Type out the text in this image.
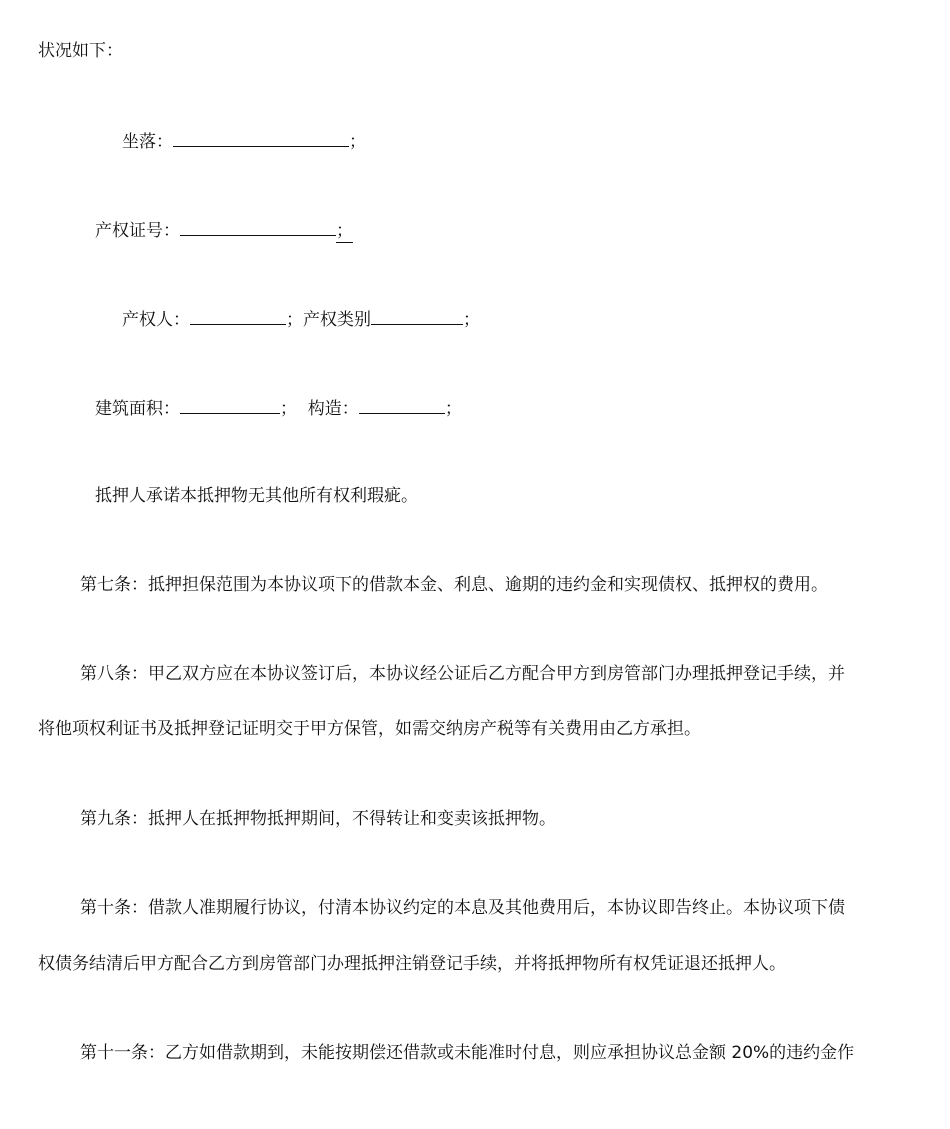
状况如下：
坐落：	；
产权证号：	；
产权人：	；产权类别	；
建筑面积：	；  构造：	；
抵押人承诺本抵押物无其他所有权利瑕疵。
第七条：抵押担保范围为本协议项下的借款本金、利息、逾期的违约金和实现债权、抵押权的费用。
第八条：甲乙双方应在本协议签订后，本协议经公证后乙方配合甲方到房管部门办理抵押登记手续，并
将他项权利证书及抵押登记证明交于甲方保管，如需交纳房产税等有关费用由乙方承担。
第九条：抵押人在抵押物抵押期间，不得转让和变卖该抵押物。
第十条：借款人准期履行协议，付清本协议约定的本息及其他费用后，本协议即告终止。本协议项下债
权债务结清后甲方配合乙方到房管部门办理抵押注销登记手续，并将抵押物所有权凭证退还抵押人。
第十一条：乙方如借款期到，未能按期偿还借款或未能准时付息，则应承担协议总金额 20%的违约金作
